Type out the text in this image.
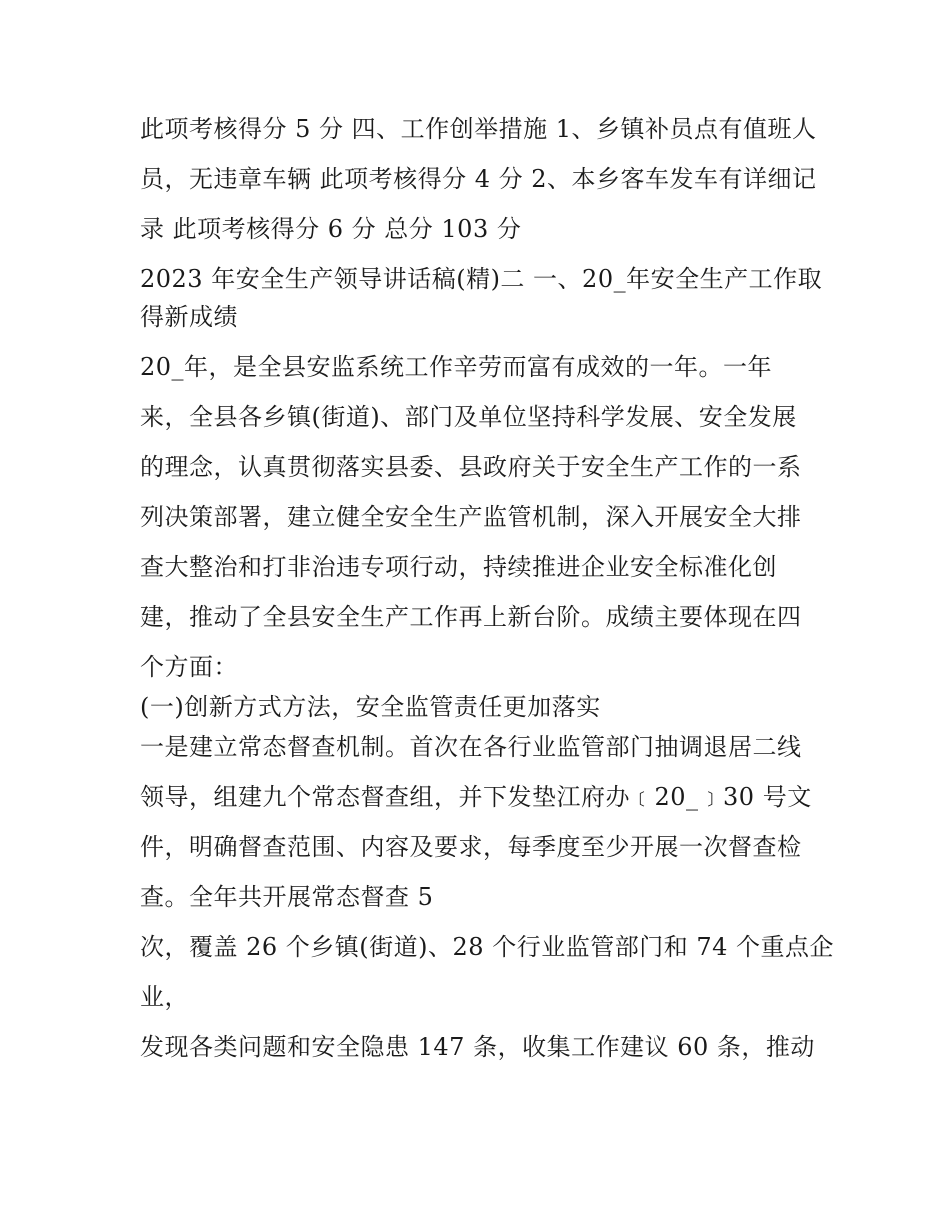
此项考核得分 5 分 四、工作创举措施 1、乡镇补员点有值班人

员，无违章车辆 此项考核得分 4 分 2、本乡客车发车有详细记

录 此项考核得分 6 分 总分 103 分

2023 年安全生产领导讲话稿(精)二 一、20_年安全生产工作取

得新成绩

20_年，是全县安监系统工作辛劳而富有成效的一年。一年

来，全县各乡镇(街道)、部门及单位坚持科学发展、安全发展

的理念，认真贯彻落实县委、县政府关于安全生产工作的一系

列决策部署，建立健全安全生产监管机制，深入开展安全大排

查大整治和打非治违专项行动，持续推进企业安全标准化创

建，推动了全县安全生产工作再上新台阶。成绩主要体现在四

个方面：

(一)创新方式方法，安全监管责任更加落实

一是建立常态督查机制。首次在各行业监管部门抽调退居二线

领导，组建九个常态督查组，并下发垫江府办﹝20_﹞30 号文

件，明确督查范围、内容及要求，每季度至少开展一次督查检

查。全年共开展常态督查 5

次，覆盖 26 个乡镇(街道)、28 个行业监管部门和 74 个重点企

业，

发现各类问题和安全隐患 147 条，收集工作建议 60 条，推动
